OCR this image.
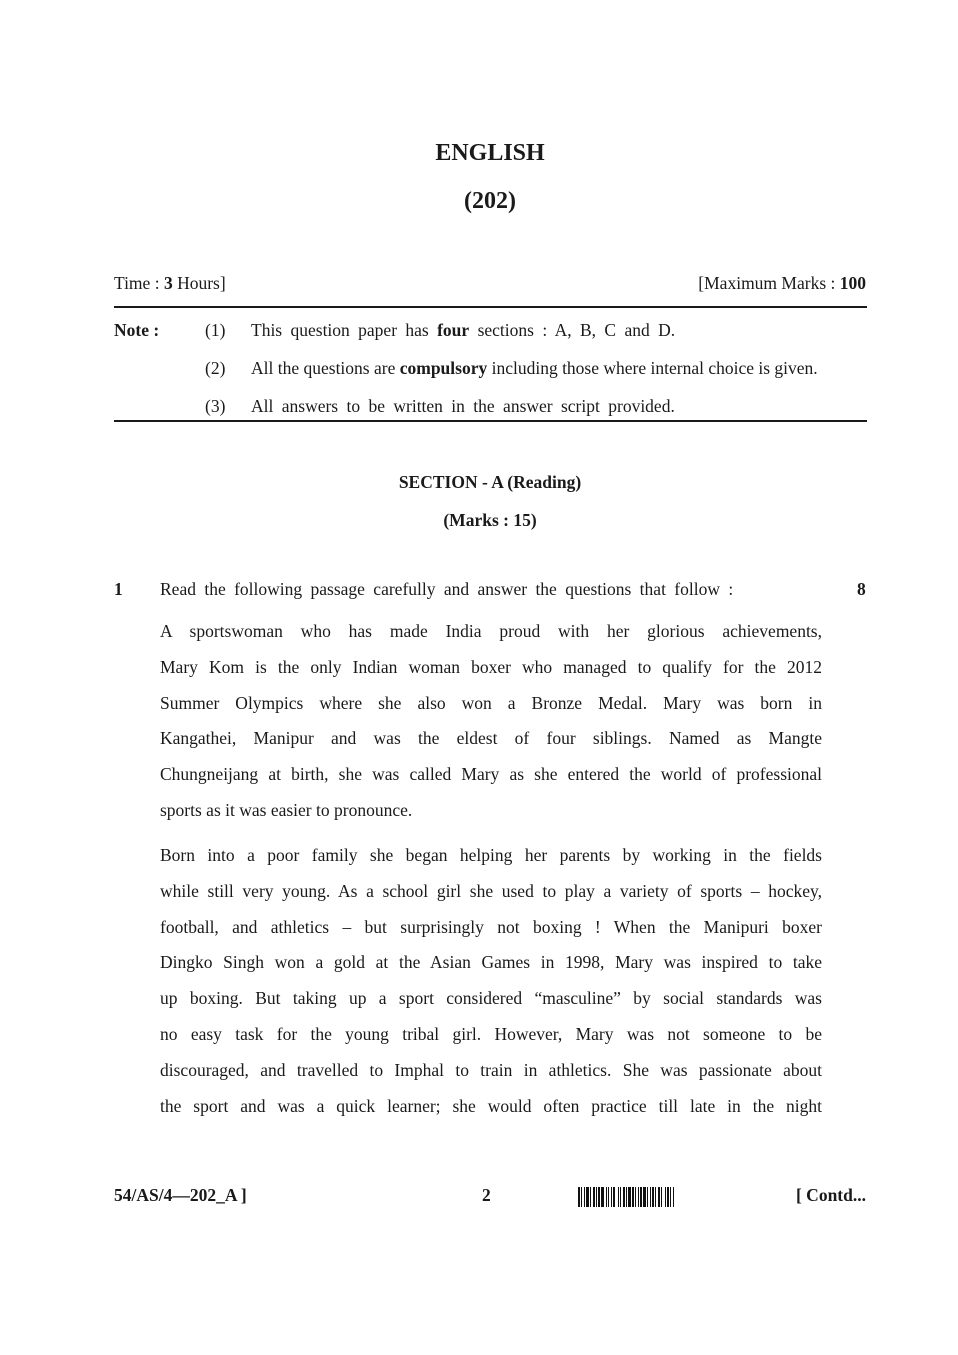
ENGLISH
(202)
Time : 3 Hours]	[Maximum Marks : 100
Note :	(1) This question paper has four sections : A, B, C and D.
(2) All the questions are compulsory including those where internal choice is given.
(3) All answers to be written in the answer script provided.
SECTION - A (Reading)
(Marks : 15)
1 Read the following passage carefully and answer the questions that follow :	8
A sportswoman who has made India proud with her glorious achievements,
Mary Kom is the only Indian woman boxer who managed to qualify for the 2012
Summer Olympics where she also won a Bronze Medal. Mary was born in
Kangathei, Manipur and was the eldest of four siblings. Named as Mangte
Chungneijang at birth, she was called Mary as she entered the world of professional
sports as it was easier to pronounce.
Born into a poor family she began helping her parents by working in the fields
while still very young. As a school girl she used to play a variety of sports – hockey,
football, and athletics – but surprisingly not boxing ! When the Manipuri boxer
Dingko Singh won a gold at the Asian Games in 1998, Mary was inspired to take
up boxing. But taking up a sport considered “masculine” by social standards was
no easy task for the young tribal girl. However, Mary was not someone to be
discouraged, and travelled to Imphal to train in athletics. She was passionate about
the sport and was a quick learner; she would often practice till late in the night
54/AS/4—202_A ]	2	[ Contd...
